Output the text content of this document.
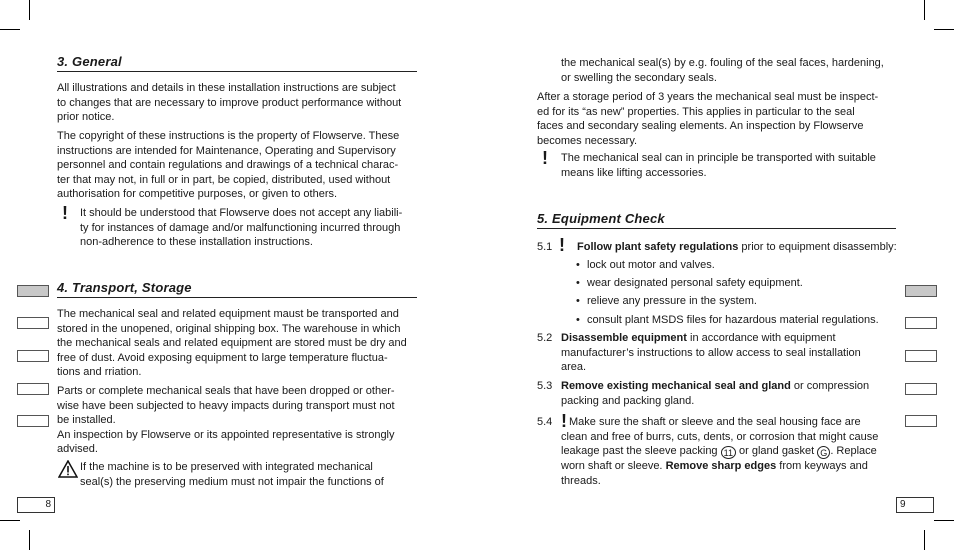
8	9
3. General

All illustrations and details in these installation instructions are subject

to changes that are necessary to improve product performance without

prior notice.

The copyright of these instructions is the property of Flowserve. These

instructions are intended for Maintenance, Operating and Supervisory

personnel and contain regulations and drawings of a technical charac-

ter that may not, in full or in part, be copied, distributed, used without

authorisation for competitive purposes, or given to others.

! It should be understood that Flowserve does not accept any liabili-

ty for instances of damage and/or malfunctioning incurred through

non-adherence to these installation instructions.

4. Transport, Storage

The mechanical seal and related equipment maust be transported and

stored in the unopened, original shipping box. The warehouse in which

the mechanical seals and related equipment are stored must be dry and

free of dust. Avoid exposing equipment to large temperature fluctua-

tions and rriation.

Parts or complete mechanical seals that have been dropped or other-

wise have been subjected to heavy impacts during transport must not

be installed.

An inspection by Flowserve or its appointed representative is strongly

advised.

If the machine is to be preserved with integrated mechanical

seal(s) the preserving medium must not impair the functions of

the mechanical seal(s) by e.g. fouling of the seal faces, hardening,

or swelling the secondary seals.

After a storage period of 3 years the mechanical seal must be inspect-

ed for its “as new” properties. This applies in particular to the seal

faces and secondary sealing elements. An inspection by Flowserve

becomes necessary.

! The mechanical seal can in principle be transported with suitable

means like lifting accessories.

5. Equipment Check
5.1 ! Follow plant safety regulations prior to equipment disassembly:

• lock out motor and valves.
• wear designated personal safety equipment.
• relieve any pressure in the system.
• consult plant MSDS files for hazardous material regulations.
5.2 Disassemble equipment in accordance with equipment

manufacturer’s instructions to allow access to seal installation

area.

5.3 Remove existing mechanical seal and gland or compression

packing and packing gland.

5.4 ! Make sure the shaft or sleeve and the seal housing face are

clean and free of burrs, cuts, dents, or corrosion that might cause

leakage past the sleeve packing 11 or gland gasket G . Replace

worn shaft or sleeve. Remove sharp edges from keyways and

threads.
